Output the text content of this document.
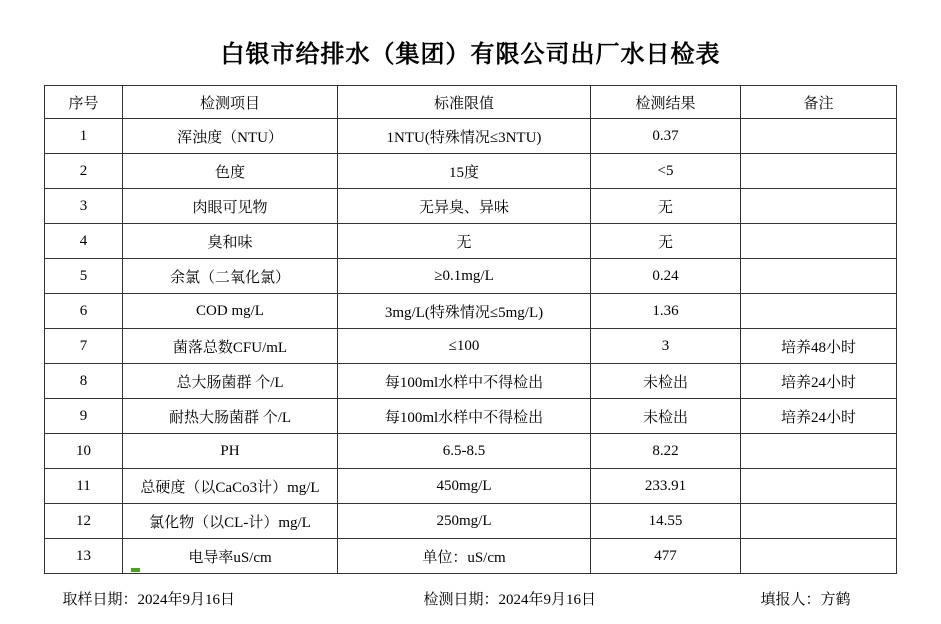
白银市给排水（集团）有限公司出厂水日检表
序号	检测项目	标准限值	检测结果	备注
1	浑浊度（NTU）	1NTU(特殊情况≤3NTU)	0.37	
2	色度	15度	<5	
3	肉眼可见物	无异臭、异味	无	
4	臭和味	无	无	
5	余氯（二氧化氯）	≥0.1mg/L	0.24	
6	COD mg/L	3mg/L(特殊情况≤5mg/L)	1.36	
7	菌落总数CFU/mL	≤100	3	培养48小时
8	总大肠菌群 个/L	每100ml水样中不得检出	未检出	培养24小时
9	耐热大肠菌群 个/L	每100ml水样中不得检出	未检出	培养24小时
10	PH	6.5-8.5	8.22	
11	总硬度（以CaCo3计）mg/L	450mg/L	233.91	
12	氯化物（以CL-计）mg/L	250mg/L	14.55	
13	电导率uS/cm	单位：uS/cm	477	
取样日期：2024年9月16日	检测日期：2024年9月16日	填报人：方鹤
